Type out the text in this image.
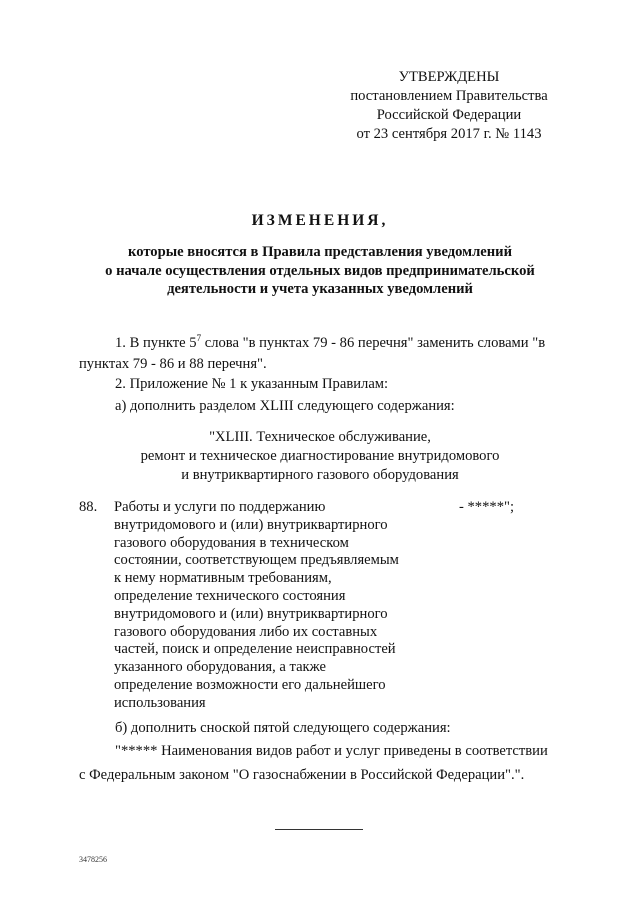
УТВЕРЖДЕНЫ
постановлением Правительства
Российской Федерации
от 23 сентября 2017 г. № 1143
ИЗМЕНЕНИЯ,
которые вносятся в Правила представления уведомлений
о начале осуществления отдельных видов предпринимательской
деятельности и учета указанных уведомлений
1. В пункте $5^7$ слова "в пунктах 79 - 86 перечня" заменить словами "в
пунктах 79 - 86 и 88 перечня".
2. Приложение № 1 к указанным Правилам:
а) дополнить разделом XLIII следующего содержания:
"XLIII. Техническое обслуживание,
ремонт и техническое диагностирование внутридомового
и внутриквартирного газового оборудования
88. Работы и услуги по поддержанию
внутридомового и (или) внутриквартирного
газового оборудования в техническом
состоянии, соответствующем предъявляемым
к нему нормативным требованиям,
определение технического состояния
внутридомового и (или) внутриквартирного
газового оборудования либо их составных
частей, поиск и определение неисправностей
указанного оборудования, а также
определение возможности его дальнейшего
использования
- *****";
б) дополнить сноской пятой следующего содержания:
"***** Наименования видов работ и услуг приведены в соответствии
с Федеральным законом "О газоснабжении в Российской Федерации".".
3478256
